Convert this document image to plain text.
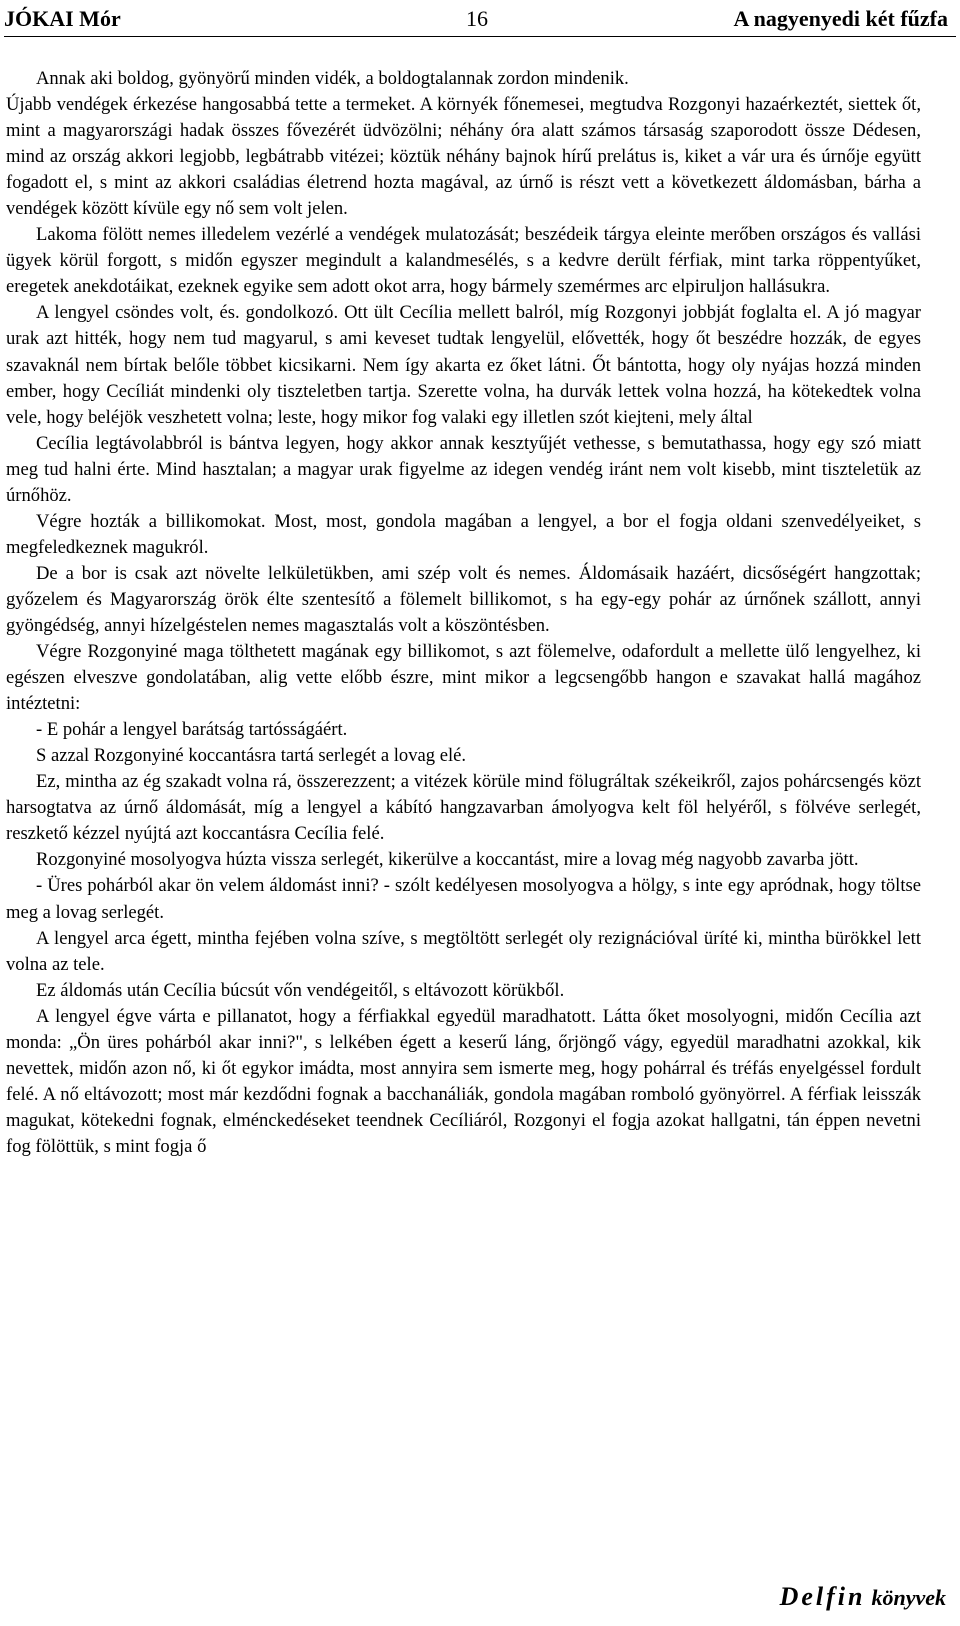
JÓKAI Mór	16	A nagyenyedi két fűzfa

Annak aki boldog, gyönyörű minden vidék, a boldogtalannak zordon mindenik.

Újabb vendégek érkezése hangosabbá tette a termeket. A környék főnemesei, megtudva Rozgonyi hazaérkeztét, siettek őt, mint a magyarországi hadak összes fővezérét üdvözölni; néhány óra alatt számos társaság szaporodott össze Dédesen, mind az ország akkori legjobb, legbátrabb vitézei; köztük néhány bajnok hírű prelátus is, kiket a vár ura és úrnője együtt fogadott el, s mint az akkori családias életrend hozta magával, az úrnő is részt vett a következett áldomásban, bárha a vendégek között kívüle egy nő sem volt jelen.

Lakoma fölött nemes illedelem vezérlé a vendégek mulatozását; beszédeik tárgya eleinte merőben országos és vallási ügyek körül forgott, s midőn egyszer megindult a kalandmesélés, s a kedvre derült férfiak, mint tarka röppentyűket, eregetek anekdotáikat, ezeknek egyike sem adott okot arra, hogy bármely szemérmes arc elpiruljon hallásukra.

A lengyel csöndes volt, és. gondolkozó. Ott ült Cecília mellett balról, míg Rozgonyi jobbját foglalta el. A jó magyar urak azt hitték, hogy nem tud magyarul, s ami keveset tudtak lengyelül, elővették, hogy őt beszédre hozzák, de egyes szavaknál nem bírtak belőle többet kicsikarni. Nem így akarta ez őket látni. Őt bántotta, hogy oly nyájas hozzá minden ember, hogy Cecíliát mindenki oly tiszteletben tartja. Szerette volna, ha durvák lettek volna hozzá, ha kötekedtek volna vele, hogy beléjök veszhetett volna; leste, hogy mikor fog valaki egy illetlen szót kiejteni, mely által

Cecília legtávolabbról is bántva legyen, hogy akkor annak kesztyűjét vethesse, s bemutathassa, hogy egy szó miatt meg tud halni érte. Mind hasztalan; a magyar urak figyelme az idegen vendég iránt nem volt kisebb, mint tiszteletük az úrnőhöz.

Végre hozták a billikomokat. Most, most, gondola magában a lengyel, a bor el fogja oldani szenvedélyeiket, s megfeledkeznek magukról.

De a bor is csak azt növelte lelkületükben, ami szép volt és nemes. Áldomásaik hazáért, dicsőségért hangzottak; győzelem és Magyarország örök élte szentesítő a fölemelt billikomot, s ha egy-egy pohár az úrnőnek szállott, annyi gyöngédség, annyi hízelgéstelen nemes magasztalás volt a köszöntésben.

Végre Rozgonyiné maga tölthetett magának egy billikomot, s azt fölemelve, odafordult a mellette ülő lengyelhez, ki egészen elveszve gondolatában, alig vette előbb észre, mint mikor a legcsengőbb hangon e szavakat hallá magához intéztetni:

- E pohár a lengyel barátság tartósságáért.

S azzal Rozgonyiné koccantásra tartá serlegét a lovag elé.

Ez, mintha az ég szakadt volna rá, összerezzent; a vitézek körüle mind fölugráltak székeikről, zajos pohárcsengés közt harsogtatva az úrnő áldomását, míg a lengyel a kábító hangzavarban ámolyogva kelt föl helyéről, s fölvéve serlegét, reszkető kézzel nyújtá azt koccantásra Cecília felé.

Rozgonyiné mosolyogva húzta vissza serlegét, kikerülve a koccantást, mire a lovag még nagyobb zavarba jött.

- Üres pohárból akar ön velem áldomást inni? - szólt kedélyesen mosolyogva a hölgy, s inte egy apródnak, hogy töltse meg a lovag serlegét.

A lengyel arca égett, mintha fejében volna szíve, s megtöltött serlegét oly rezignációval üríté ki, mintha bürökkel lett volna az tele.

Ez áldomás után Cecília búcsút vőn vendégeitől, s eltávozott körükből.

A lengyel égve várta e pillanatot, hogy a férfiakkal egyedül maradhatott. Látta őket mosolyogni, midőn Cecília azt monda: „Ön üres pohárból akar inni?", s lelkében égett a keserű láng, őrjöngő vágy, egyedül maradhatni azokkal, kik nevettek, midőn azon nő, ki őt egykor imádta, most annyira sem ismerte meg, hogy pohárral és tréfás enyelgéssel fordult felé. A nő eltávozott; most már kezdődni fognak a bacchanáliák, gondola magában romboló gyönyörrel. A férfiak leisszák magukat, kötekedni fognak, elménckedéseket teendnek Cecíliáról, Rozgonyi el fogja azokat hallgatni, tán éppen nevetni fog fölöttük, s mint fogja ő

Delfin könyvek
